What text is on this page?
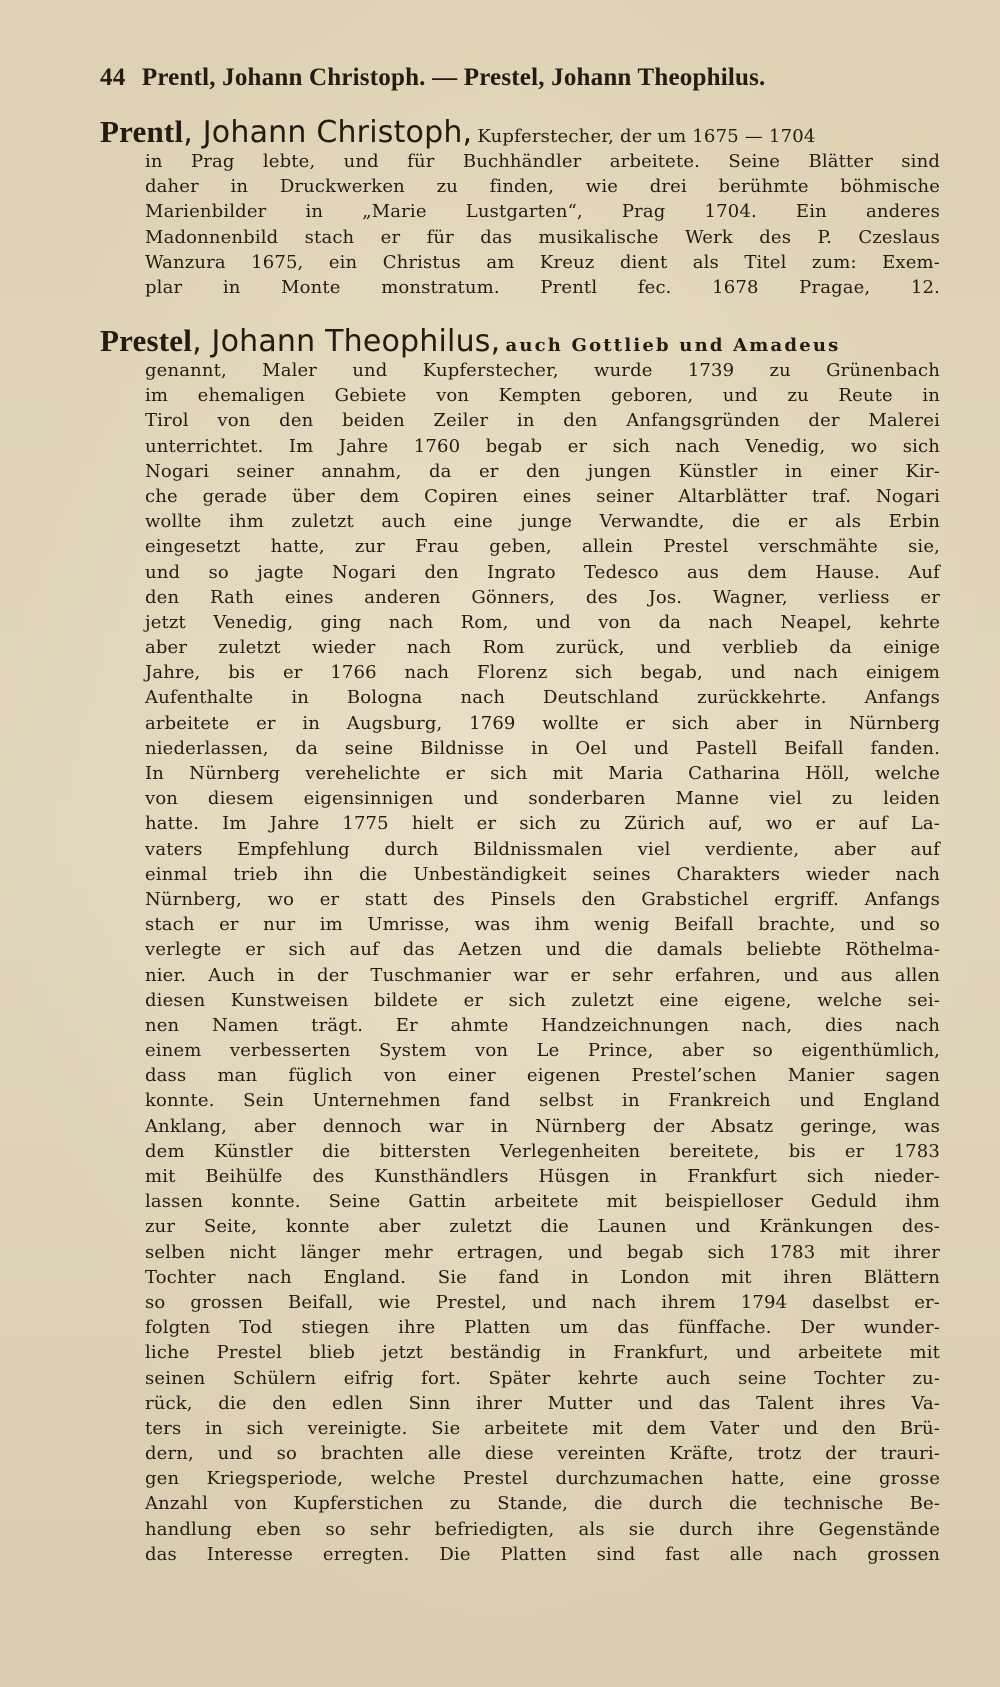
44 Prentl, Johann Christoph. — Prestel, Johann Theophilus.
Prentl, Johann Christoph, Kupferstecher, der um 1675 — 1704
in Prag lebte, und für Buchhändler arbeitete. Seine Blätter sind
daher in Druckwerken zu finden, wie drei berühmte böhmische
Marienbilder in „Marie Lustgarten“, Prag 1704. Ein anderes
Madonnenbild stach er für das musikalische Werk des P. Czeslaus
Wanzura 1675, ein Christus am Kreuz dient als Titel zum: Exem-
plar in Monte monstratum. Prentl fec. 1678 Pragae, 12.
Prestel, Johann Theophilus, auch Gottlieb und Amadeus
genannt, Maler und Kupferstecher, wurde 1739 zu Grünenbach
im ehemaligen Gebiete von Kempten geboren, und zu Reute in
Tirol von den beiden Zeiler in den Anfangsgründen der Malerei
unterrichtet. Im Jahre 1760 begab er sich nach Venedig, wo sich
Nogari seiner annahm, da er den jungen Künstler in einer Kir-
che gerade über dem Copiren eines seiner Altarblätter traf. Nogari
wollte ihm zuletzt auch eine junge Verwandte, die er als Erbin
eingesetzt hatte, zur Frau geben, allein Prestel verschmähte sie,
und so jagte Nogari den Ingrato Tedesco aus dem Hause. Auf
den Rath eines anderen Gönners, des Jos. Wagner, verliess er
jetzt Venedig, ging nach Rom, und von da nach Neapel, kehrte
aber zuletzt wieder nach Rom zurück, und verblieb da einige
Jahre, bis er 1766 nach Florenz sich begab, und nach einigem
Aufenthalte in Bologna nach Deutschland zurückkehrte. Anfangs
arbeitete er in Augsburg, 1769 wollte er sich aber in Nürnberg
niederlassen, da seine Bildnisse in Oel und Pastell Beifall fanden.
In Nürnberg verehelichte er sich mit Maria Catharina Höll, welche
von diesem eigensinnigen und sonderbaren Manne viel zu leiden
hatte. Im Jahre 1775 hielt er sich zu Zürich auf, wo er auf La-
vaters Empfehlung durch Bildnissmalen viel verdiente, aber auf
einmal trieb ihn die Unbeständigkeit seines Charakters wieder nach
Nürnberg, wo er statt des Pinsels den Grabstichel ergriff. Anfangs
stach er nur im Umrisse, was ihm wenig Beifall brachte, und so
verlegte er sich auf das Aetzen und die damals beliebte Röthelma-
nier. Auch in der Tuschmanier war er sehr erfahren, und aus allen
diesen Kunstweisen bildete er sich zuletzt eine eigene, welche sei-
nen Namen trägt. Er ahmte Handzeichnungen nach, dies nach
einem verbesserten System von Le Prince, aber so eigenthümlich,
dass man füglich von einer eigenen Prestel’schen Manier sagen
konnte. Sein Unternehmen fand selbst in Frankreich und England
Anklang, aber dennoch war in Nürnberg der Absatz geringe, was
dem Künstler die bittersten Verlegenheiten bereitete, bis er 1783
mit Beihülfe des Kunsthändlers Hüsgen in Frankfurt sich nieder-
lassen konnte. Seine Gattin arbeitete mit beispielloser Geduld ihm
zur Seite, konnte aber zuletzt die Launen und Kränkungen des-
selben nicht länger mehr ertragen, und begab sich 1783 mit ihrer
Tochter nach England. Sie fand in London mit ihren Blättern
so grossen Beifall, wie Prestel, und nach ihrem 1794 daselbst er-
folgten Tod stiegen ihre Platten um das fünffache. Der wunder-
liche Prestel blieb jetzt beständig in Frankfurt, und arbeitete mit
seinen Schülern eifrig fort. Später kehrte auch seine Tochter zu-
rück, die den edlen Sinn ihrer Mutter und das Talent ihres Va-
ters in sich vereinigte. Sie arbeitete mit dem Vater und den Brü-
dern, und so brachten alle diese vereinten Kräfte, trotz der trauri-
gen Kriegsperiode, welche Prestel durchzumachen hatte, eine grosse
Anzahl von Kupferstichen zu Stande, die durch die technische Be-
handlung eben so sehr befriedigten, als sie durch ihre Gegenstände
das Interesse erregten. Die Platten sind fast alle nach grossen
